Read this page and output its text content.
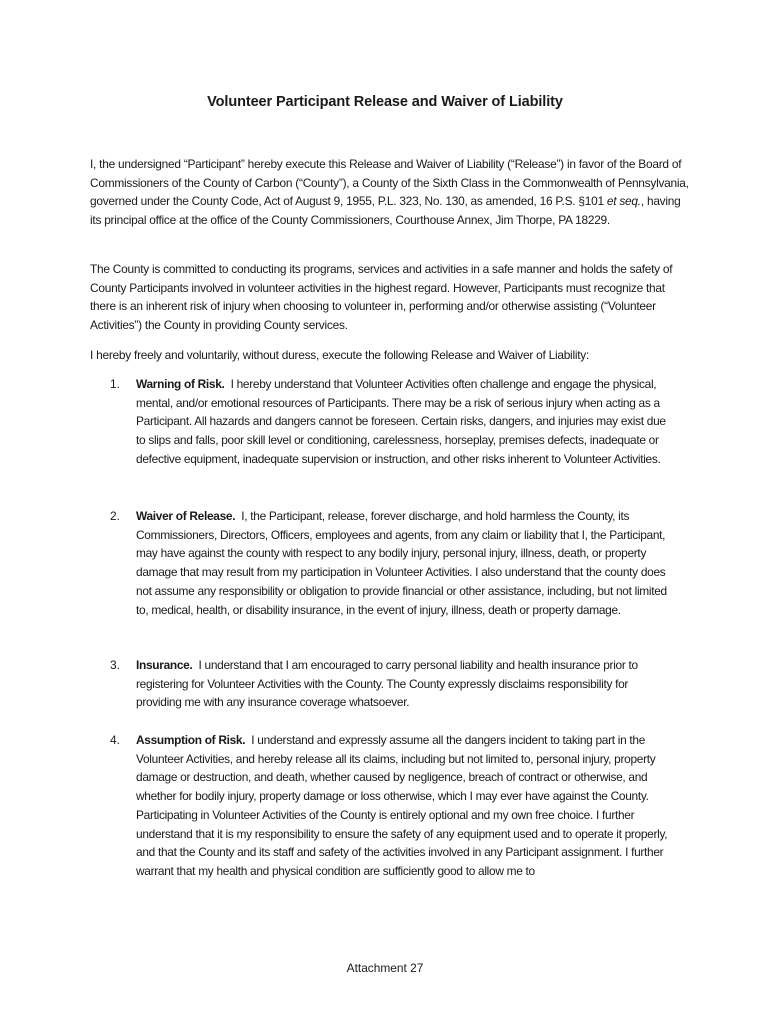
Volunteer Participant Release and Waiver of Liability

I, the undersigned “Participant” hereby execute this Release and Waiver of Liability (“Release”) in favor of the Board of Commissioners of the County of Carbon (“County”), a County of the Sixth Class in the Commonwealth of Pennsylvania, governed under the County Code, Act of August 9, 1955, P.L. 323, No. 130, as amended, 16 P.S. §101 et seq., having its principal office at the office of the County Commissioners, Courthouse Annex, Jim Thorpe, PA 18229.

The County is committed to conducting its programs, services and activities in a safe manner and holds the safety of County Participants involved in volunteer activities in the highest regard. However, Participants must recognize that there is an inherent risk of injury when choosing to volunteer in, performing and/or otherwise assisting (“Volunteer Activities”) the County in providing County services.

I hereby freely and voluntarily, without duress, execute the following Release and Waiver of Liability:

1. Warning of Risk. I hereby understand that Volunteer Activities often challenge and engage the physical, mental, and/or emotional resources of Participants. There may be a risk of serious injury when acting as a Participant. All hazards and dangers cannot be foreseen. Certain risks, dangers, and injuries may exist due to slips and falls, poor skill level or conditioning, carelessness, horseplay, premises defects, inadequate or defective equipment, inadequate supervision or instruction, and other risks inherent to Volunteer Activities.

2. Waiver of Release. I, the Participant, release, forever discharge, and hold harmless the County, its Commissioners, Directors, Officers, employees and agents, from any claim or liability that I, the Participant, may have against the county with respect to any bodily injury, personal injury, illness, death, or property damage that may result from my participation in Volunteer Activities. I also understand that the county does not assume any responsibility or obligation to provide financial or other assistance, including, but not limited to, medical, health, or disability insurance, in the event of injury, illness, death or property damage.

3. Insurance. I understand that I am encouraged to carry personal liability and health insurance prior to registering for Volunteer Activities with the County. The County expressly disclaims responsibility for providing me with any insurance coverage whatsoever.

4. Assumption of Risk. I understand and expressly assume all the dangers incident to taking part in the Volunteer Activities, and hereby release all its claims, including but not limited to, personal injury, property damage or destruction, and death, whether caused by negligence, breach of contract or otherwise, and whether for bodily injury, property damage or loss otherwise, which I may ever have against the County. Participating in Volunteer Activities of the County is entirely optional and my own free choice. I further understand that it is my responsibility to ensure the safety of any equipment used and to operate it properly, and that the County and its staff and safety of the activities involved in any Participant assignment. I further warrant that my health and physical condition are sufficiently good to allow me to

Attachment 27
